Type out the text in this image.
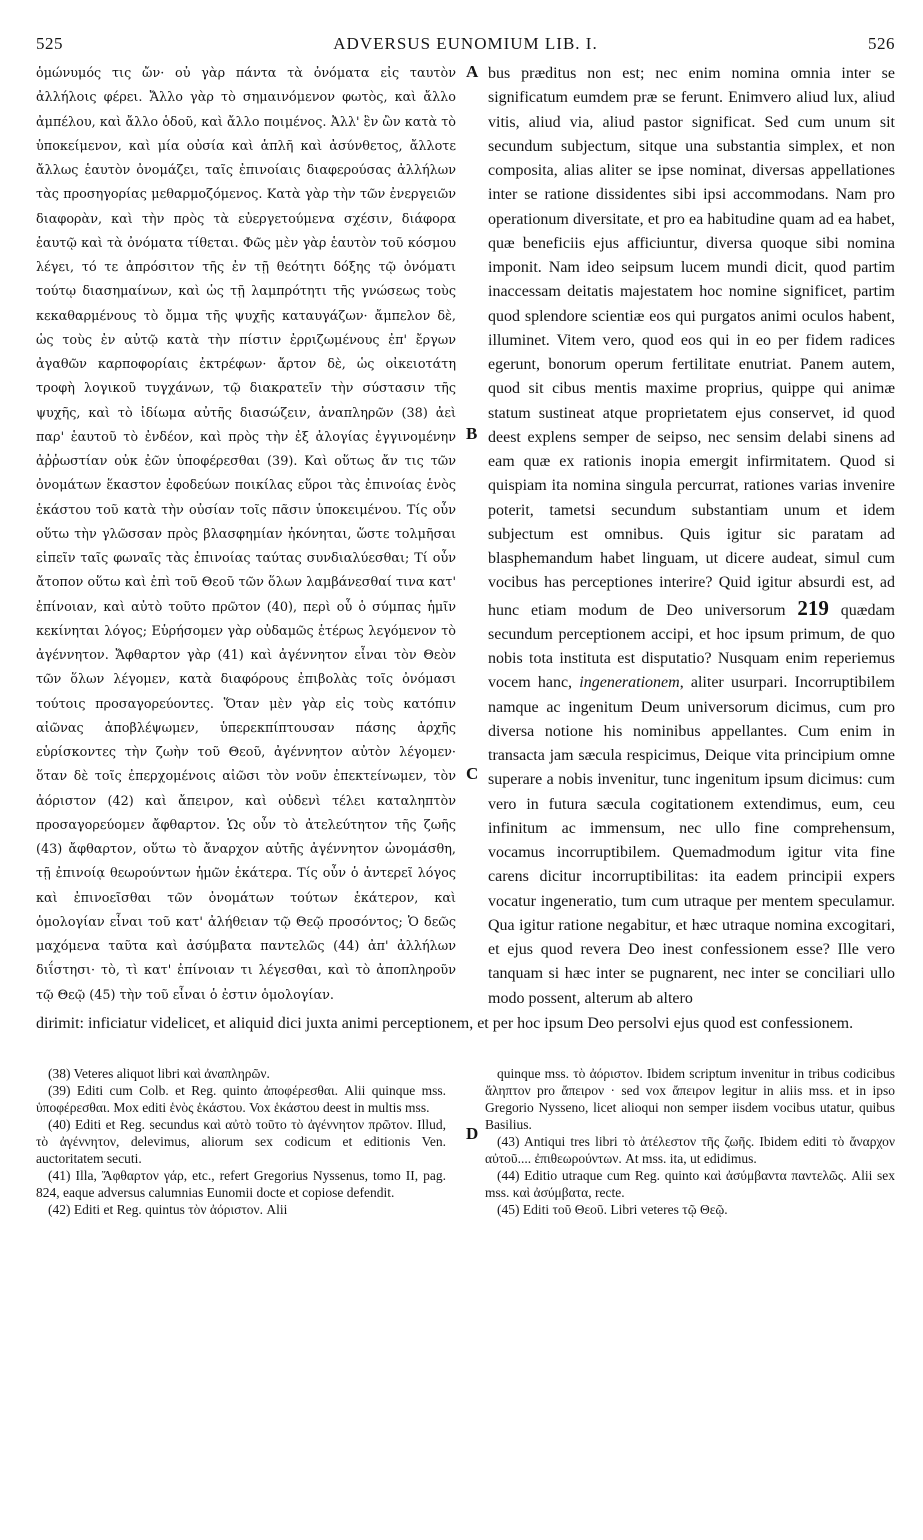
525	ADVERSUS EUNOMIUM LIB. I.	526
ὁμώνυμός τις ὤν· οὐ γὰρ πάντα τὰ ὀνόματα εἰς ταυτὸν ἀλλήλοις φέρει. Ἄλλο γὰρ τὸ σημαινόμενον φωτὸς, καὶ ἄλλο ἀμπέλου, καὶ ἄλλο ὁδοῦ, καὶ ἄλλο ποιμένος. Ἀλλ' ἓν ὢν κατὰ τὸ ὑποκείμενον, καὶ μία οὐσία καὶ ἁπλῆ καὶ ἀσύνθετος, ἄλλοτε ἄλλως ἑαυτὸν ὀνομάζει, ταῖς ἐπινοίαις διαφερούσας ἀλλήλων τὰς προσηγορίας μεθαρμοζόμενος. Κατὰ γὰρ τὴν τῶν ἐνεργειῶν διαφορὰν, καὶ τὴν πρὸς τὰ εὐεργετούμενα σχέσιν, διάφορα ἑαυτῷ καὶ τὰ ὀνόματα τίθεται. Φῶς μὲν γὰρ ἑαυτὸν τοῦ κόσμου λέγει, τό τε ἀπρόσιτον τῆς ἐν τῇ θεότητι δόξης τῷ ὀνόματι τούτῳ διασημαίνων, καὶ ὡς τῇ λαμπρότητι τῆς γνώσεως τοὺς κεκαθαρμένους τὸ ὄμμα τῆς ψυχῆς καταυγάζων· ἄμπελον δὲ, ὡς τοὺς ἐν αὐτῷ κατὰ τὴν πίστιν ἐρριζωμένους ἐπ' ἔργων ἀγαθῶν καρποφορίαις ἐκτρέφων· ἄρτον δὲ, ὡς οἰκειοτάτη τροφὴ λογικοῦ τυγχάνων, τῷ διακρατεῖν τὴν σύστασιν τῆς ψυχῆς, καὶ τὸ ἰδίωμα αὐτῆς διασώζειν, ἀναπληρῶν (38) ἀεὶ παρ' ἑαυτοῦ τὸ ἐνδέον, καὶ πρὸς τὴν ἐξ ἀλογίας ἐγγινομένην ἀῤῥωστίαν οὐκ ἐῶν ὑποφέρεσθαι (39). Καὶ οὕτως ἄν τις τῶν ὀνομάτων ἕκαστον ἐφοδεύων ποικίλας εὕροι τὰς ἐπινοίας ἑνὸς ἑκάστου τοῦ κατὰ τὴν οὐσίαν τοῖς πᾶσιν ὑποκειμένου. Τίς οὖν οὕτω τὴν γλῶσσαν πρὸς βλασφημίαν ἠκόνηται, ὥστε τολμῆσαι εἰπεῖν ταῖς φωναῖς τὰς ἐπινοίας ταύτας συνδιαλύεσθαι; Τί οὖν ἄτοπον οὕτω καὶ ἐπὶ τοῦ Θεοῦ τῶν ὅλων λαμβάνεσθαί τινα κατ' ἐπίνοιαν, καὶ αὐτὸ τοῦτο πρῶτον (40), περὶ οὗ ὁ σύμπας ἡμῖν κεκίνηται λόγος; Εὑρήσομεν γὰρ οὐδαμῶς ἑτέρως λεγόμενον τὸ ἀγέννητον. Ἄφθαρτον γὰρ (41) καὶ ἀγέννητον εἶναι τὸν Θεὸν τῶν ὅλων λέγομεν, κατὰ διαφόρους ἐπιβολὰς τοῖς ὀνόμασι τούτοις προσαγορεύοντες. Ὅταν μὲν γὰρ εἰς τοὺς κατόπιν αἰῶνας ἀποβλέψωμεν, ὑπερεκπίπτουσαν πάσης ἀρχῆς εὑρίσκοντες τὴν ζωὴν τοῦ Θεοῦ, ἀγέννητον αὐτὸν λέγομεν· ὅταν δὲ τοῖς ἐπερχομένοις αἰῶσι τὸν νοῦν ἐπεκτείνωμεν, τὸν ἀόριστον (42) καὶ ἄπειρον, καὶ οὐδενὶ τέλει καταληπτὸν προσαγορεύομεν ἄφθαρτον. Ὡς οὖν τὸ ἀτελεύτητον τῆς ζωῆς (43) ἄφθαρτον, οὕτω τὸ ἄναρχον αὐτῆς ἀγέννητον ὠνομάσθη, τῇ ἐπινοίᾳ θεωρούντων ἡμῶν ἑκάτερα. Τίς οὖν ὁ ἀντερεῖ λόγος καὶ ἐπινοεῖσθαι τῶν ὀνομάτων τούτων ἑκάτερον, καὶ ὁμολογίαν εἶναι τοῦ κατ' ἀλήθειαν τῷ Θεῷ προσόντος; Ὁ δεῶς μαχόμενα ταῦτα καὶ ἀσύμβατα παντελῶς (44) ἀπ' ἀλλήλων διΐστησι· τὸ, τὶ κατ' ἐπίνοιαν τι λέγεσθαι, καὶ τὸ ἀποπληροῦν τῷ Θεῷ (45) τὴν τοῦ εἶναι ὁ ἐστιν ὁμολογίαν.
A
B
C
D
bus præditus non est; nec enim nomina omnia inter se significatum eumdem præ se ferunt. Enimvero aliud lux, aliud vitis, aliud via, aliud pastor significat. Sed cum unum sit secundum subjectum, sitque una substantia simplex, et non composita, alias aliter se ipse nominat, diversas appellationes inter se ratione dissidentes sibi ipsi accommodans. Nam pro operationum diversitate, et pro ea habitudine quam ad ea habet, quæ beneficiis ejus afficiuntur, diversa quoque sibi nomina imponit. Nam ideo seipsum lucem mundi dicit, quod partim inaccessam deitatis majestatem hoc nomine significet, partim quod splendore scientiæ eos qui purgatos animi oculos habent, illuminet. Vitem vero, quod eos qui in eo per fidem radices egerunt, bonorum operum fertilitate enutriat. Panem autem, quod sit cibus mentis maxime proprius, quippe qui animæ statum sustineat atque proprietatem ejus conservet, id quod deest explens semper de seipso, nec sensim delabi sinens ad eam quæ ex rationis inopia emergit infirmitatem. Quod si quispiam ita nomina singula percurrat, rationes varias invenire poterit, tametsi secundum substantiam unum et idem subjectum est omnibus. Quis igitur sic paratam ad blasphemandum habet linguam, ut dicere audeat, simul cum vocibus has perceptiones interire? Quid igitur absurdi est, ad hunc etiam modum de Deo universorum 219 quædam secundum perceptionem accipi, et hoc ipsum primum, de quo nobis tota instituta est disputatio? Nusquam enim reperiemus vocem hanc, ingenerationem, aliter usurpari. Incorruptibilem namque ac ingenitum Deum universorum dicimus, cum pro diversa notione his nominibus appellantes. Cum enim in transacta jam sæcula respicimus, Deique vita principium omne superare a nobis invenitur, tunc ingenitum ipsum dicimus: cum vero in futura sæcula cogitationem extendimus, eum, ceu infinitum ac immensum, nec ullo fine comprehensum, vocamus incorruptibilem. Quemadmodum igitur vita fine carens dicitur incorruptibilitas: ita eadem principii expers vocatur ingeneratio, tum cum utraque per mentem speculamur. Qua igitur ratione negabitur, et hæc utraque nomina excogitari, et ejus quod revera Deo inest confessionem esse? Ille vero tanquam si hæc inter se pugnarent, nec inter se conciliari ullo modo possent, alterum ab altero
dirimit: inficiatur videlicet, et aliquid dici juxta animi perceptionem, et per hoc ipsum Deo persolvi ejus quod est confessionem.

(38) Veteres aliquot libri καὶ ἀναπληρῶν.

(39) Editi cum Colb. et Reg. quinto ἀποφέρεσθαι. Alii quinque mss. ὑποφέρεσθαι. Mox editi ἑνὸς ἑκάστου. Vox ἑκάστου deest in multis mss.

(40) Editi et Reg. secundus καὶ αὐτὸ τοῦτο τὸ ἀγέννητον πρῶτον. Illud, τὸ ἀγέννητον, delevimus, aliorum sex codicum et editionis Ven. auctoritatem secuti.

(41) Illa, Ἄφθαρτον γάρ, etc., refert Gregorius Nyssenus, tomo II, pag. 824, eaque adversus calumnias Eunomii docte et copiose defendit.

(42) Editi et Reg. quintus τὸν ἀόριστον. Alii

quinque mss. τὸ ἀόριστον. Ibidem scriptum invenitur in tribus codicibus ἄληπτον pro ἄπειρον · sed vox ἄπειρον legitur in aliis mss. et in ipso Gregorio Nysseno, licet alioqui non semper iisdem vocibus utatur, quibus Basilius.

(43) Antiqui tres libri τὸ ἀτέλεστον τῆς ζωῆς. Ibidem editi τὸ ἄναρχον αὐτοῦ.... ἐπιθεωρούντων. At mss. ita, ut edidimus.

(44) Editio utraque cum Reg. quinto καὶ ἀσύμβαντα παντελῶς. Alii sex mss. καὶ ἀσύμβατα, recte.

(45) Editi τοῦ Θεοῦ. Libri veteres τῷ Θεῷ.
